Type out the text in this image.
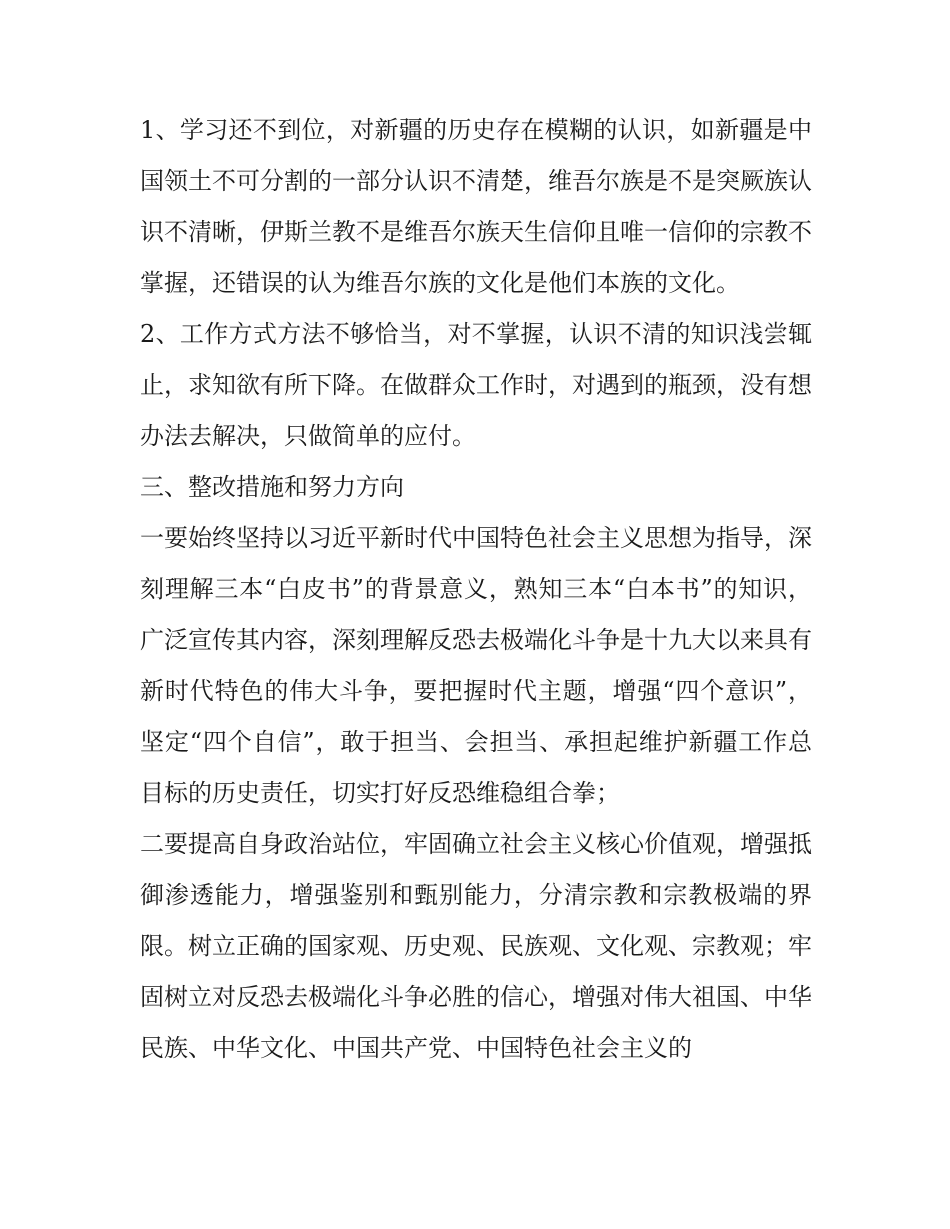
1、学习还不到位，对新疆的历史存在模糊的认识，如新疆是中国领土不可分割的一部分认识不清楚，维吾尔族是不是突厥族认识不清晰，伊斯兰教不是维吾尔族天生信仰且唯一信仰的宗教不掌握，还错误的认为维吾尔族的文化是他们本族的文化。

2、工作方式方法不够恰当，对不掌握，认识不清的知识浅尝辄止，求知欲有所下降。在做群众工作时，对遇到的瓶颈，没有想办法去解决，只做简单的应付。

三、整改措施和努力方向

一要始终坚持以习近平新时代中国特色社会主义思想为指导，深刻理解三本“白皮书”的背景意义，熟知三本“白本书”的知识，广泛宣传其内容，深刻理解反恐去极端化斗争是十九大以来具有新时代特色的伟大斗争，要把握时代主题，增强“四个意识”，坚定“四个自信”，敢于担当、会担当、承担起维护新疆工作总目标的历史责任，切实打好反恐维稳组合拳；

二要提高自身政治站位，牢固确立社会主义核心价值观，增强抵御渗透能力，增强鉴别和甄别能力，分清宗教和宗教极端的界限。树立正确的国家观、历史观、民族观、文化观、宗教观；牢固树立对反恐去极端化斗争必胜的信心，增强对伟大祖国、中华民族、中华文化、中国共产党、中国特色社会主义的
